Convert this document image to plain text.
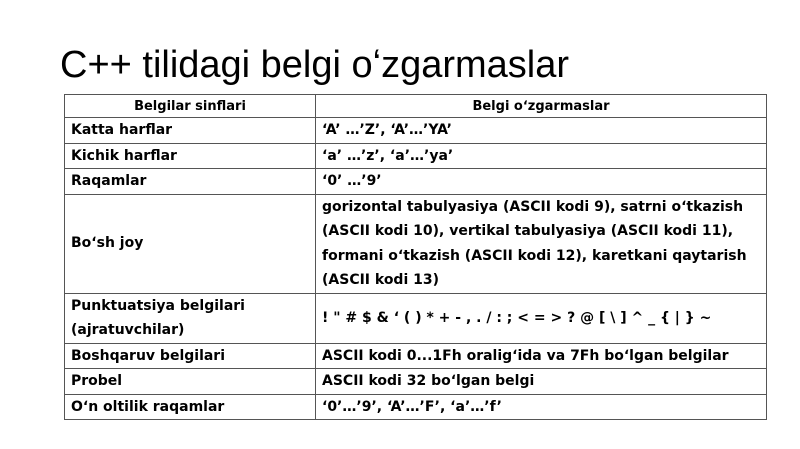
C++ tilidagi belgi oʻzgarmaslar
Belgilar sinflari	Belgi oʻzgarmaslar
Katta harflar	‘A’ …’Z’, ‘A’…’YA’
Kichik harflar	‘a’ …’z’, ‘a’…’ya’
Raqamlar	‘0’ …’9’
Boʻsh joy	gorizontal tabulyasiya (ASCII kodi 9), satrni oʻtkazish (ASCII kodi 10), vertikal tabulyasiya (ASCII kodi 11), formani oʻtkazish (ASCII kodi 12), karetkani qaytarish (ASCII kodi 13)
Punktuatsiya belgilari (ajratuvchilar)	! " # $ & ‘ ( ) * + - , . / : ; < = > ? @ [ \ ] ^ _ { | } ~
Boshqaruv belgilari	ASCII kodi 0...1Fh oraligʻida va 7Fh boʻlgan belgilar
Probel	ASCII kodi 32 boʻlgan belgi
Oʻn oltilik raqamlar	‘0’…’9’, ‘A’…’F’, ‘a’…’f’
